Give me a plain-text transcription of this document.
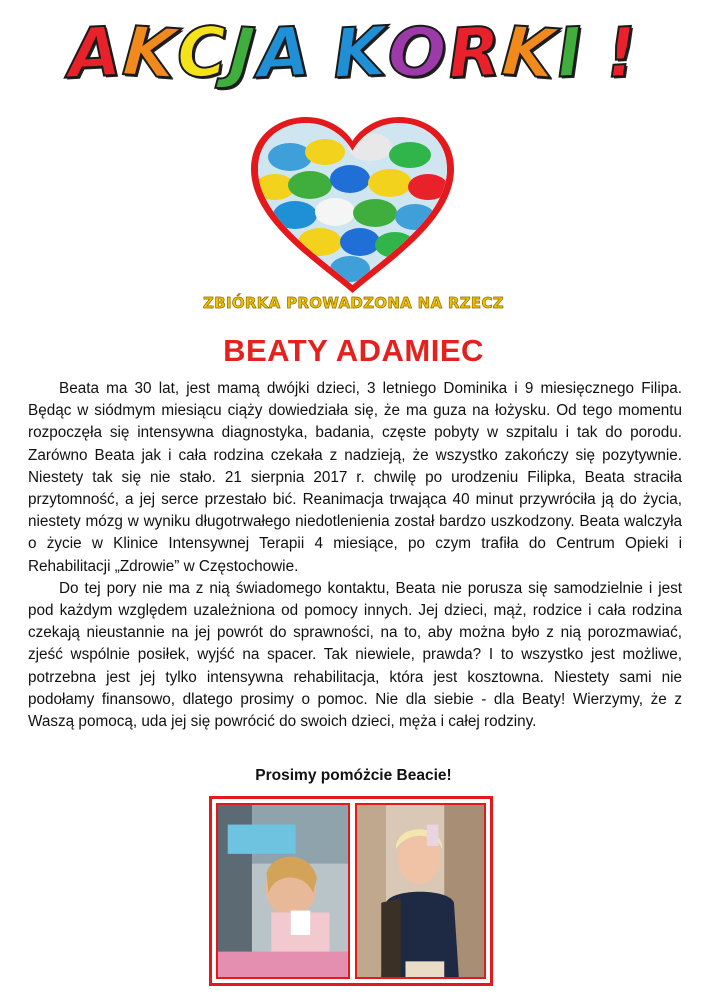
AKCJA KORKI !
ZBIÓRKA PROWADZONA NA RZECZ
BEATY ADAMIEC

Beata ma 30 lat, jest mamą dwójki dzieci, 3 letniego Dominika i 9 miesięcznego Filipa. Będąc w siódmym miesiącu ciąży dowiedziała się, że ma guza na łożysku. Od tego momentu rozpoczęła się intensywna diagnostyka, badania, częste pobyty w szpitalu i tak do porodu. Zarówno Beata jak i cała rodzina czekała z nadzieją, że wszystko zakończy się pozytywnie. Niestety tak się nie stało. 21 sierpnia 2017 r. chwilę po urodzeniu Filipka, Beata straciła przytomność, a jej serce przestało bić. Reanimacja trwająca 40 minut przywróciła ją do życia, niestety mózg w wyniku długotrwałego niedotlenienia został bardzo uszkodzony. Beata walczyła o życie w Klinice Intensywnej Terapii 4 miesiące, po czym trafiła do Centrum Opieki i Rehabilitacji „Zdrowie” w Częstochowie.

Do tej pory nie ma z nią świadomego kontaktu, Beata nie porusza się samodzielnie i jest pod każdym względem uzależniona od pomocy innych. Jej dzieci, mąż, rodzice i cała rodzina czekają nieustannie na jej powrót do sprawności, na to, aby można było z nią porozmawiać, zjeść wspólnie posiłek, wyjść na spacer. Tak niewiele, prawda? I to wszystko jest możliwe, potrzebna jest jej tylko intensywna rehabilitacja, która jest kosztowna. Niestety sami nie podołamy finansowo, dlatego prosimy o pomoc. Nie dla siebie - dla Beaty! Wierzymy, że z Waszą pomocą, uda jej się powrócić do swoich dzieci, męża i całej rodziny.

Prosimy pomóżcie Beacie!
